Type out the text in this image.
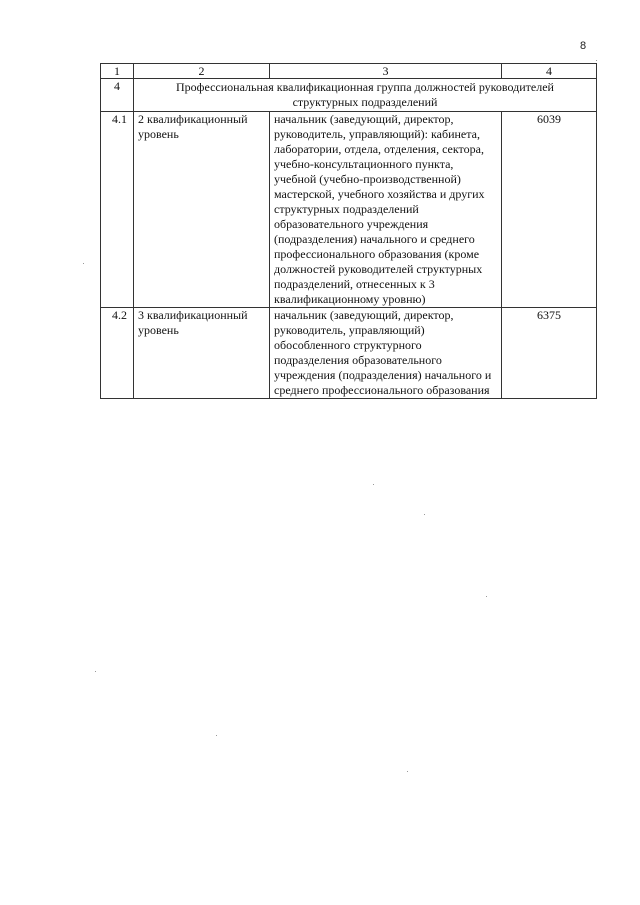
8
1	2	3	4
4	Профессиональная квалификационная группа должностей руководителей структурных подразделений		
4.1	2 квалификационный уровень	начальник (заведующий, директор, руководитель, управляющий): кабинета, лаборатории, отдела, отделения, сектора, учебно-консультационного пункта, учебной (учебно-производственной) мастерской, учебного хозяйства и других структурных подразделений образовательного учреждения (подразделения) начального и среднего профессионального образования (кроме должностей руководителей структурных подразделений, отнесенных к 3 квалификационному уровню)	6039
4.2	3 квалификационный уровень	начальник (заведующий, директор, руководитель, управляющий) обособленного структурного подразделения образовательного учреждения (подразделения) начального и среднего профессионального образования	6375
